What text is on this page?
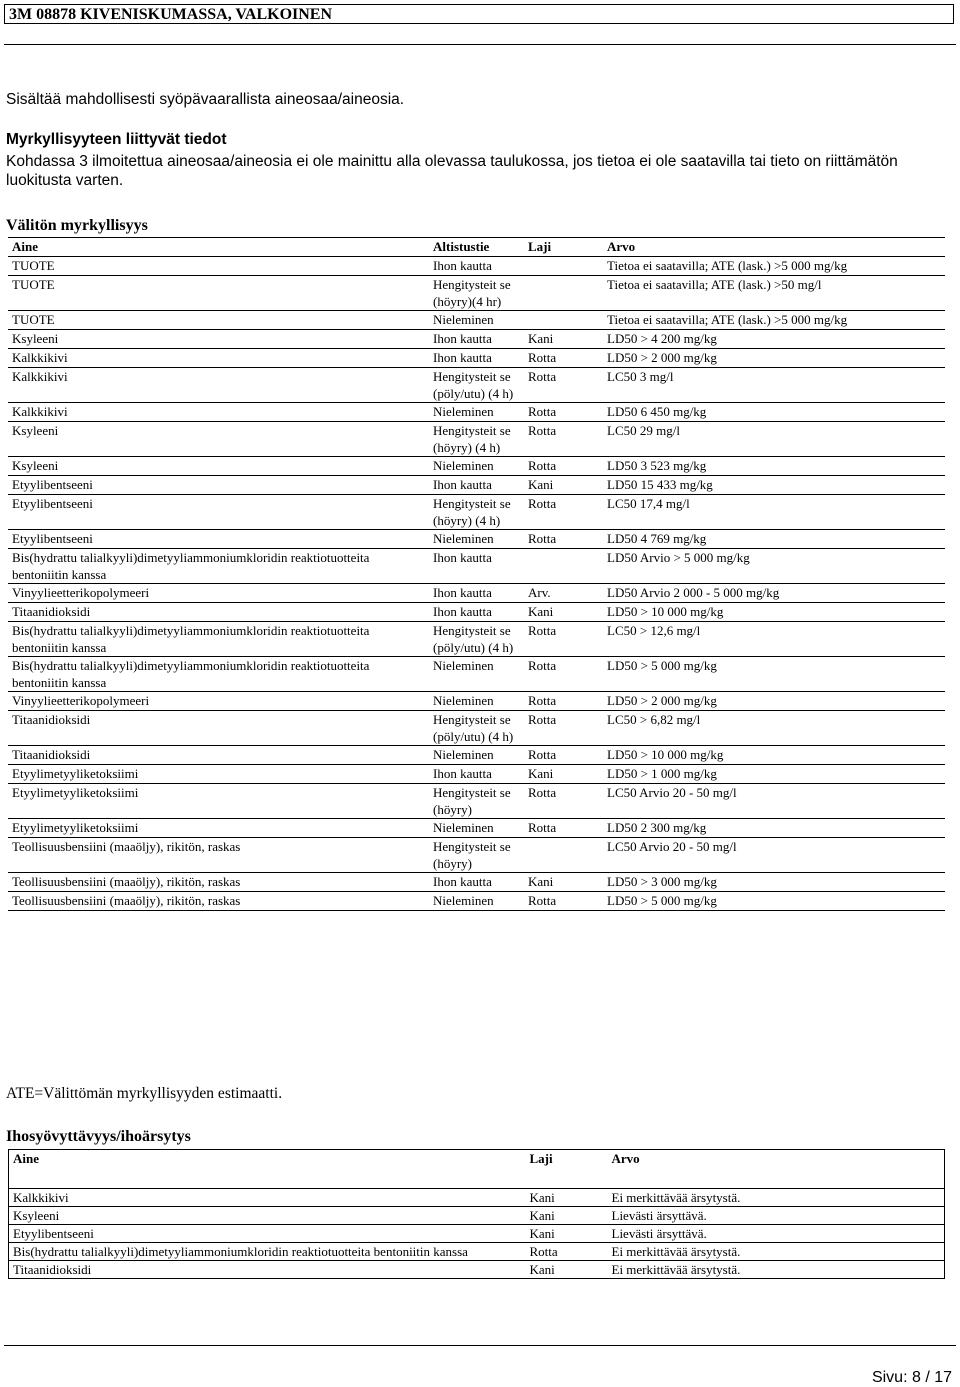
3M 08878 KIVENISKUMASSA, VALKOINEN
Sisältää mahdollisesti syöpävaarallista aineosaa/aineosia.
Myrkyllisyyteen liittyvät tiedot
Kohdassa 3 ilmoitettua aineosaa/aineosia ei ole mainittu alla olevassa taulukossa, jos tietoa ei ole saatavilla tai tieto on riittämätön luokitusta varten.
Välitön myrkyllisyys
Aine	Altistustie	Laji	Arvo
TUOTE	Ihon kautta		Tietoa ei saatavilla; ATE (lask.) >5 000 mg/kg
TUOTE	Hengitysteit se (höyry)(4 hr)		Tietoa ei saatavilla; ATE (lask.) >50 mg/l
TUOTE	Nieleminen		Tietoa ei saatavilla; ATE (lask.) >5 000 mg/kg
Ksyleeni	Ihon kautta	Kani	LD50 > 4 200 mg/kg
Kalkkikivi	Ihon kautta	Rotta	LD50 > 2 000 mg/kg
Kalkkikivi	Hengitysteit se (pöly/utu) (4 h)	Rotta	LC50 3 mg/l
Kalkkikivi	Nieleminen	Rotta	LD50 6 450 mg/kg
Ksyleeni	Hengitysteit se (höyry) (4 h)	Rotta	LC50 29 mg/l
Ksyleeni	Nieleminen	Rotta	LD50 3 523 mg/kg
Etyylibentseeni	Ihon kautta	Kani	LD50 15 433 mg/kg
Etyylibentseeni	Hengitysteit se (höyry) (4 h)	Rotta	LC50 17,4 mg/l
Etyylibentseeni	Nieleminen	Rotta	LD50 4 769 mg/kg
Bis(hydrattu talialkyyli)dimetyyliammoniumkloridin reaktiotuotteita bentoniitin kanssa	Ihon kautta		LD50 Arvio > 5 000 mg/kg
Vinyylieetterikopolymeeri	Ihon kautta	Arv.	LD50 Arvio 2 000 - 5 000 mg/kg
Titaanidioksidi	Ihon kautta	Kani	LD50 > 10 000 mg/kg
Bis(hydrattu talialkyyli)dimetyyliammoniumkloridin reaktiotuotteita bentoniitin kanssa	Hengitysteit se (pöly/utu) (4 h)	Rotta	LC50 > 12,6 mg/l
Bis(hydrattu talialkyyli)dimetyyliammoniumkloridin reaktiotuotteita bentoniitin kanssa	Nieleminen	Rotta	LD50 > 5 000 mg/kg
Vinyylieetterikopolymeeri	Nieleminen	Rotta	LD50 > 2 000 mg/kg
Titaanidioksidi	Hengitysteit se (pöly/utu) (4 h)	Rotta	LC50 > 6,82 mg/l
Titaanidioksidi	Nieleminen	Rotta	LD50 > 10 000 mg/kg
Etyylimetyyliketoksiimi	Ihon kautta	Kani	LD50 > 1 000 mg/kg
Etyylimetyyliketoksiimi	Hengitysteit se (höyry)	Rotta	LC50 Arvio 20 - 50 mg/l
Etyylimetyyliketoksiimi	Nieleminen	Rotta	LD50 2 300 mg/kg
Teollisuusbensiini (maaöljy), rikitön, raskas	Hengitysteit se (höyry)		LC50 Arvio 20 - 50 mg/l
Teollisuusbensiini (maaöljy), rikitön, raskas	Ihon kautta	Kani	LD50 > 3 000 mg/kg
Teollisuusbensiini (maaöljy), rikitön, raskas	Nieleminen	Rotta	LD50 > 5 000 mg/kg
ATE=Välittömän myrkyllisyyden estimaatti.
Ihosyövyttävyys/ihoärsytys
Aine	Laji	Arvo
Kalkkikivi	Kani	Ei merkittävää ärsytystä.
Ksyleeni	Kani	Lievästi ärsyttävä.
Etyylibentseeni	Kani	Lievästi ärsyttävä.
Bis(hydrattu talialkyyli)dimetyyliammoniumkloridin reaktiotuotteita bentoniitin kanssa	Rotta	Ei merkittävää ärsytystä.
Titaanidioksidi	Kani	Ei merkittävää ärsytystä.
Sivu: 8 / 17
